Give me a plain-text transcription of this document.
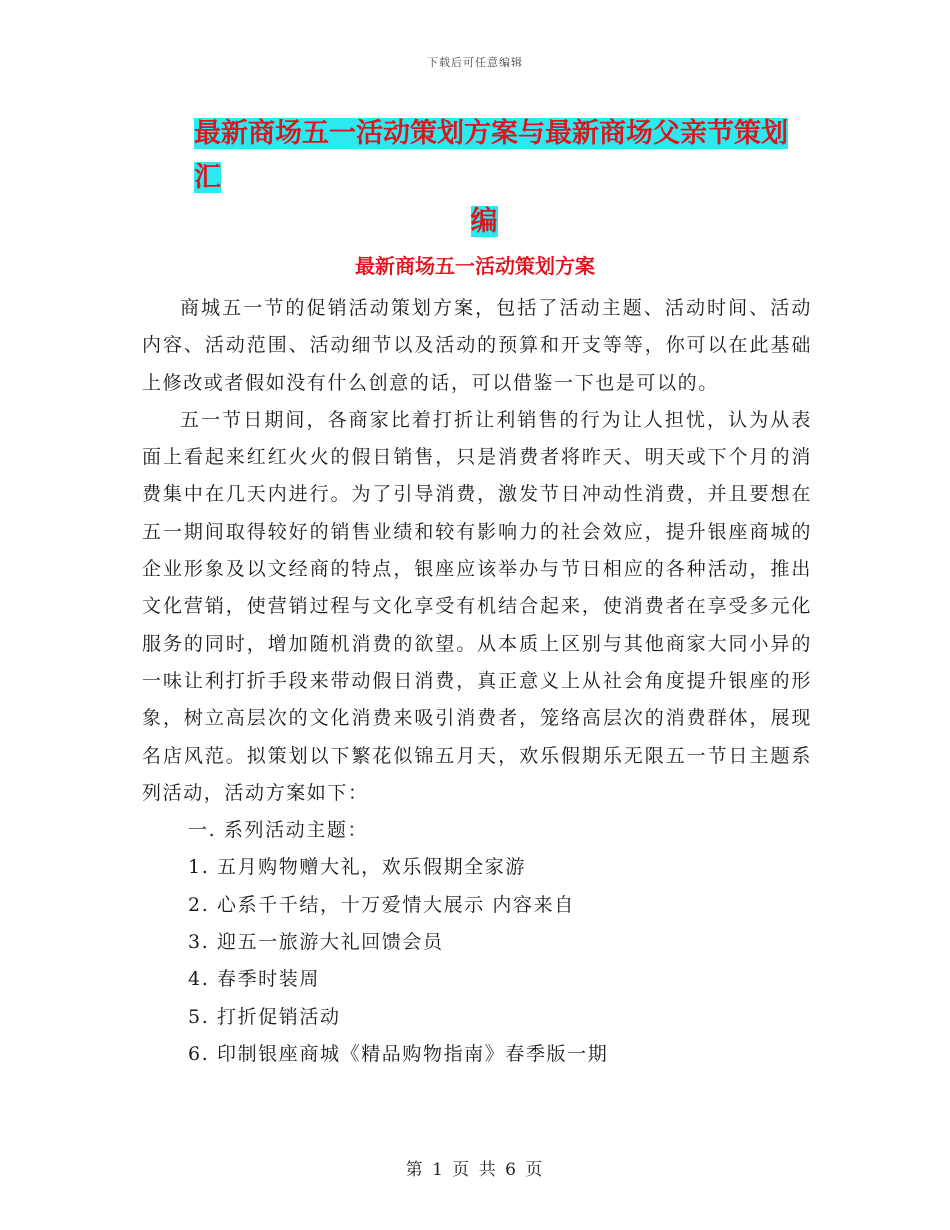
下载后可任意编辑
最新商场五一活动策划方案与最新商场父亲节策划汇
编
最新商场五一活动策划方案

商城五一节的促销活动策划方案，包括了活动主题、活动时间、活动内容、活动范围、活动细节以及活动的预算和开支等等，你可以在此基础上修改或者假如没有什么创意的话，可以借鉴一下也是可以的。

五一节日期间，各商家比着打折让利销售的行为让人担忧，认为从表面上看起来红红火火的假日销售，只是消费者将昨天、明天或下个月的消费集中在几天内进行。为了引导消费，激发节日冲动性消费，并且要想在五一期间取得较好的销售业绩和较有影响力的社会效应，提升银座商城的企业形象及以文经商的特点，银座应该举办与节日相应的各种活动，推出文化营销，使营销过程与文化享受有机结合起来，使消费者在享受多元化服务的同时，增加随机消费的欲望。从本质上区别与其他商家大同小异的一味让利打折手段来带动假日消费，真正意义上从社会角度提升银座的形象，树立高层次的文化消费来吸引消费者，笼络高层次的消费群体，展现名店风范。拟策划以下繁花似锦五月天，欢乐假期乐无限五一节日主题系列活动，活动方案如下：

一. 系列活动主题：
1. 五月购物赠大礼，欢乐假期全家游
2. 心系千千结，十万爱情大展示 内容来自
3. 迎五一旅游大礼回馈会员
4. 春季时装周
5. 打折促销活动
6. 印制银座商城《精品购物指南》春季版一期
第 1 页 共 6 页
